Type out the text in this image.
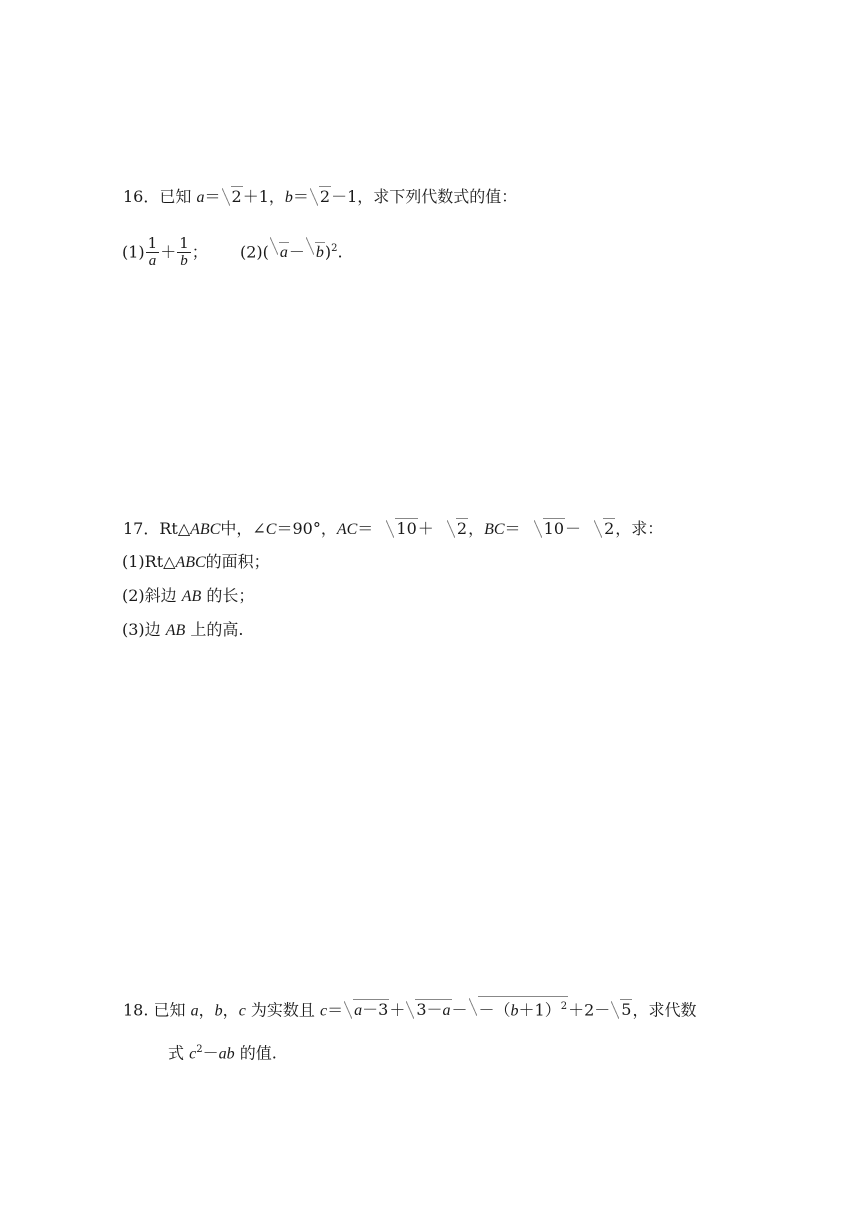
16．已知 a＝ 2＋1，b＝ 2－1，求下列代数式的值：
$(1) \frac{1}{a} + \frac{1}{b}$ ； (2)( a－ b)$^2$.
17．Rt△ABC中，∠C＝90°，AC＝ 10＋ 2，BC＝ 10－ 2，求：
(1)Rt△ABC的面积；
(2)斜边 AB 的长；
(3)边 AB 上的高.
18. 已知 a，b，c 为实数且 $c= a-3+ 3-a- -(b+1)^2+2- 5$，求代数
式 $c^2-ab$ 的值.
